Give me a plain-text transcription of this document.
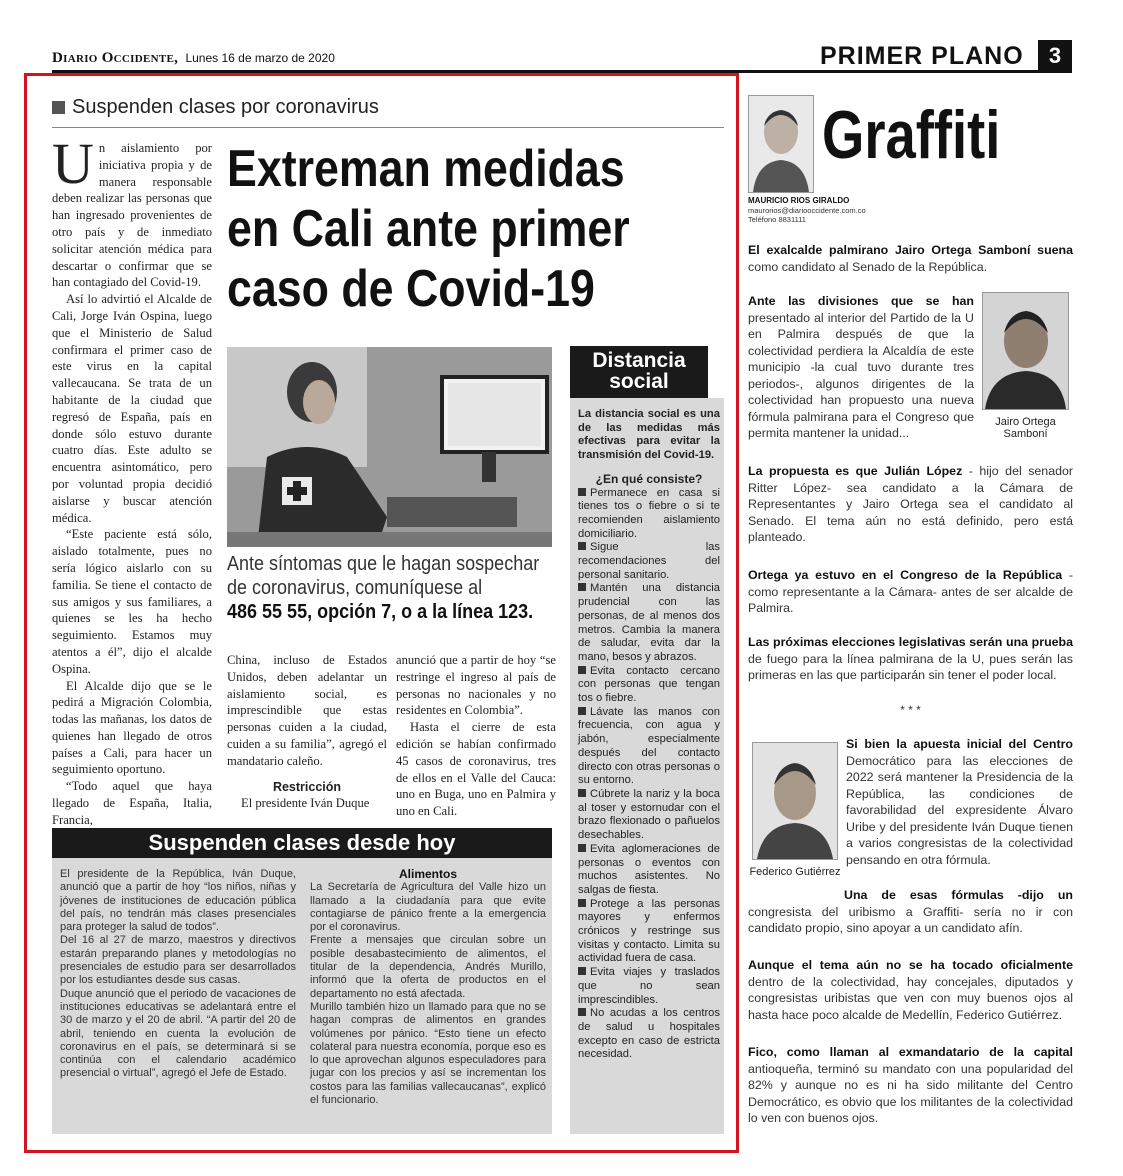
Diario Occidente, Lunes 16 de marzo de 2020	PRIMER PLANO	3
Suspenden clases por coronavirus

Un aislamiento por iniciativa propia y de manera responsable deben realizar las personas que han ingresado provenientes de otro país y de inmediato solicitar atención médica para descartar o confirmar que se han contagiado del Covid-19.

Así lo advirtió el Alcalde de Cali, Jorge Iván Ospina, luego que el Ministerio de Salud confirmara el primer caso de este virus en la capital vallecaucana. Se trata de un habitante de la ciudad que regresó de España, país en donde sólo estuvo durante cuatro días. Este adulto se encuentra asintomático, pero por voluntad propia decidió aislarse y buscar atención médica.

“Este paciente está sólo, aislado totalmente, pues no sería lógico aislarlo con su familia. Se tiene el contacto de sus amigos y sus familiares, a quienes se les ha hecho seguimiento. Estamos muy atentos a él”, dijo el alcalde Ospina.

El Alcalde dijo que se le pedirá a Migración Colombia, todas las mañanas, los datos de quienes han llegado de otros países a Cali, para hacer un seguimiento oportuno.

“Todo aquel que haya llegado de España, Italia, Francia,

Extreman medidas
en Cali ante primer
caso de Covid-19
Ante síntomas que le hagan sospechar
de coronavirus, comuníquese al
486 55 55, opción 7, o a la línea 123.

China, incluso de Estados Unidos, deben adelantar un aislamiento social, es imprescindible que estas personas cuiden a la ciudad, cuiden a su familia”, agregó el mandatario caleño.

Restricción

El presidente Iván Duque

anunció que a partir de hoy “se restringe el ingreso al país de personas no nacionales y no residentes en Colombia”.

Hasta el cierre de esta edición se habían confirmado 45 casos de coronavirus, tres de ellos en el Valle del Cauca: uno en Buga, uno en Palmira y uno en Cali.

Distancia social
La distancia social es una de las medidas más efectivas para evitar la transmisión del Covid-19.
¿En qué consiste?
Permanece en casa si tienes tos o fiebre o si te recomienden aislamiento domiciliario.
Sigue las recomendaciones del personal sanitario.
Mantén una distancia prudencial con las personas, de al menos dos metros. Cambia la manera de saludar, evita dar la mano, besos y abrazos.
Evita contacto cercano con personas que tengan tos o fiebre.
Lávate las manos con frecuencia, con agua y jabón, especialmente después del contacto directo con otras personas o su entorno.
Cúbrete la nariz y la boca al toser y estornudar con el brazo flexionado o pañuelos desechables.
Evita aglomeraciones de personas o eventos con muchos asistentes. No salgas de fiesta.
Protege a las personas mayores y enfermos crónicos y restringe sus visitas y contacto. Limita su actividad fuera de casa.
Evita viajes y traslados que no sean imprescindibles.
No acudas a los centros de salud u hospitales excepto en caso de estricta necesidad.
Suspenden clases desde hoy
El presidente de la República, Iván Duque, anunció que a partir de hoy “los niños, niñas y jóvenes de instituciones de educación pública del país, no tendrán más clases presenciales para proteger la salud de todos”.
Del 16 al 27 de marzo, maestros y directivos estarán preparando planes y metodologías no presenciales de estudio para ser desarrollados por los estudiantes desde sus casas.
Duque anunció que el periodo de vacaciones de instituciones educativas se adelantará entre el 30 de marzo y el 20 de abril. “A partir del 20 de abril, teniendo en cuenta la evolución de coronavirus en el país, se determinará si se continúa con el calendario académico presencial o virtual”, agregó el Jefe de Estado.
Alimentos
La Secretaría de Agricultura del Valle hizo un llamado a la ciudadanía para que evite contagiarse de pánico frente a la emergencia por el coronavirus.
Frente a mensajes que circulan sobre un posible desabastecimiento de alimentos, el titular de la dependencia, Andrés Murillo, informó que la oferta de productos en el departamento no está afectada.
Murillo también hizo un llamado para que no se hagan compras de alimentos en grandes volúmenes por pánico. “Esto tiene un efecto colateral para nuestra economía, porque eso es lo que aprovechan algunos especuladores para jugar con los precios y así se incrementan los costos para las familias vallecaucanas”, explicó el funcionario.
Graffiti
MAURICIO RIOS GIRALDO
maurorios@diariooccidente.com.co
Teléfono 8831111
El exalcalde palmirano Jairo Ortega Samboní suena como candidato al Senado de la República.
Ante las divisiones que se han presentado al interior del Partido de la U en Palmira después de que la colectividad perdiera la Alcaldía de este municipio -la cual tuvo durante tres periodos-, algunos dirigentes de la colectividad han propuesto una nueva fórmula palmirana para el Congreso que permita mantener la unidad...
Jairo Ortega Samboní
La propuesta es que Julián López - hijo del senador Ritter López- sea candidato a la Cámara de Representantes y Jairo Ortega sea el candidato al Senado. El tema aún no está definido, pero está planteado.
Ortega ya estuvo en el Congreso de la República - como representante a la Cámara- antes de ser alcalde de Palmira.
Las próximas elecciones legislativas serán una prueba de fuego para la línea palmirana de la U, pues serán las primeras en las que participarán sin tener el poder local.
* * *
Federico Gutiérrez
Si bien la apuesta inicial del Centro Democrático para las elecciones de 2022 será mantener la Presidencia de la República, las condiciones de favorabilidad del expresidente Álvaro Uribe y del presidente Iván Duque tienen a varios congresistas de la colectividad pensando en otra fórmula.
Una de esas fórmulas -dijo un congresista del uribismo a Graffiti- sería no ir con candidato propio, sino apoyar a un candidato afín.
Aunque el tema aún no se ha tocado oficialmente dentro de la colectividad, hay concejales, diputados y congresistas uribistas que ven con muy buenos ojos al hasta hace poco alcalde de Medellín, Federico Gutiérrez.
Fico, como llaman al exmandatario de la capital antioqueña, terminó su mandato con una popularidad del 82% y aunque no es ni ha sido militante del Centro Democrático, es obvio que los militantes de la colectividad lo ven con buenos ojos.
